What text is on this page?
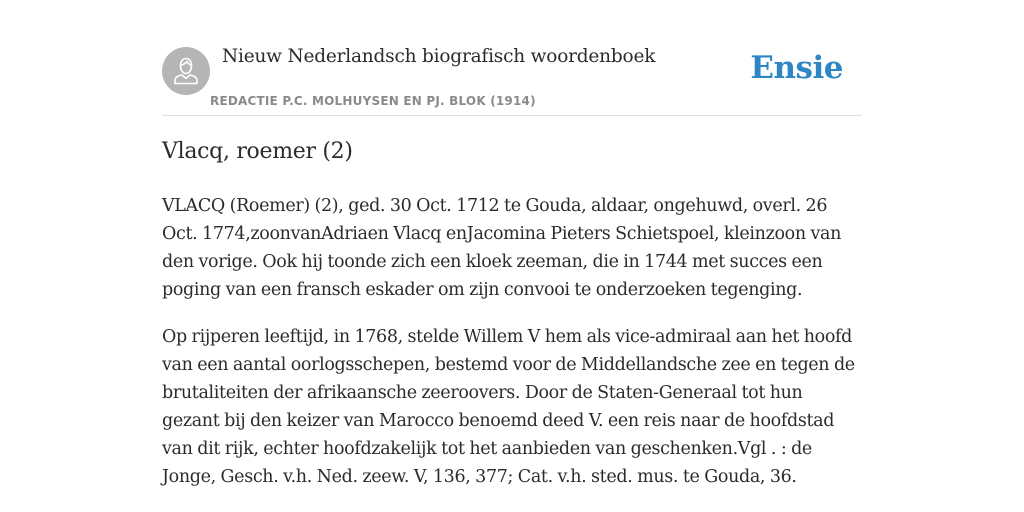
Nieuw Nederlandsch biografisch woordenboek
REDACTIE P.C. MOLHUYSEN EN PJ. BLOK (1914)
Ensie
Vlacq, roemer (2)

VLACQ (Roemer) (2), ged. 30 Oct. 1712 te Gouda, aldaar, ongehuwd, overl. 26 Oct. 1774,zoonvanAdriaen Vlacq enJacomina Pieters Schietspoel, kleinzoon van den vorige. Ook hij toonde zich een kloek zeeman, die in 1744 met succes een poging van een fransch eskader om zijn convooi te onderzoeken tegenging.

Op rijperen leeftijd, in 1768, stelde Willem V hem als vice-admiraal aan het hoofd van een aantal oorlogsschepen, bestemd voor de Middellandsche zee en tegen de brutaliteiten der afrikaansche zeeroovers. Door de Staten-Generaal tot hun gezant bij den keizer van Marocco benoemd deed V. een reis naar de hoofdstad van dit rijk, echter hoofdzakelijk tot het aanbieden van geschenken.Vgl . : de Jonge, Gesch. v.h. Ned. zeew. V, 136, 377; Cat. v.h. sted. mus. te Gouda, 36.
